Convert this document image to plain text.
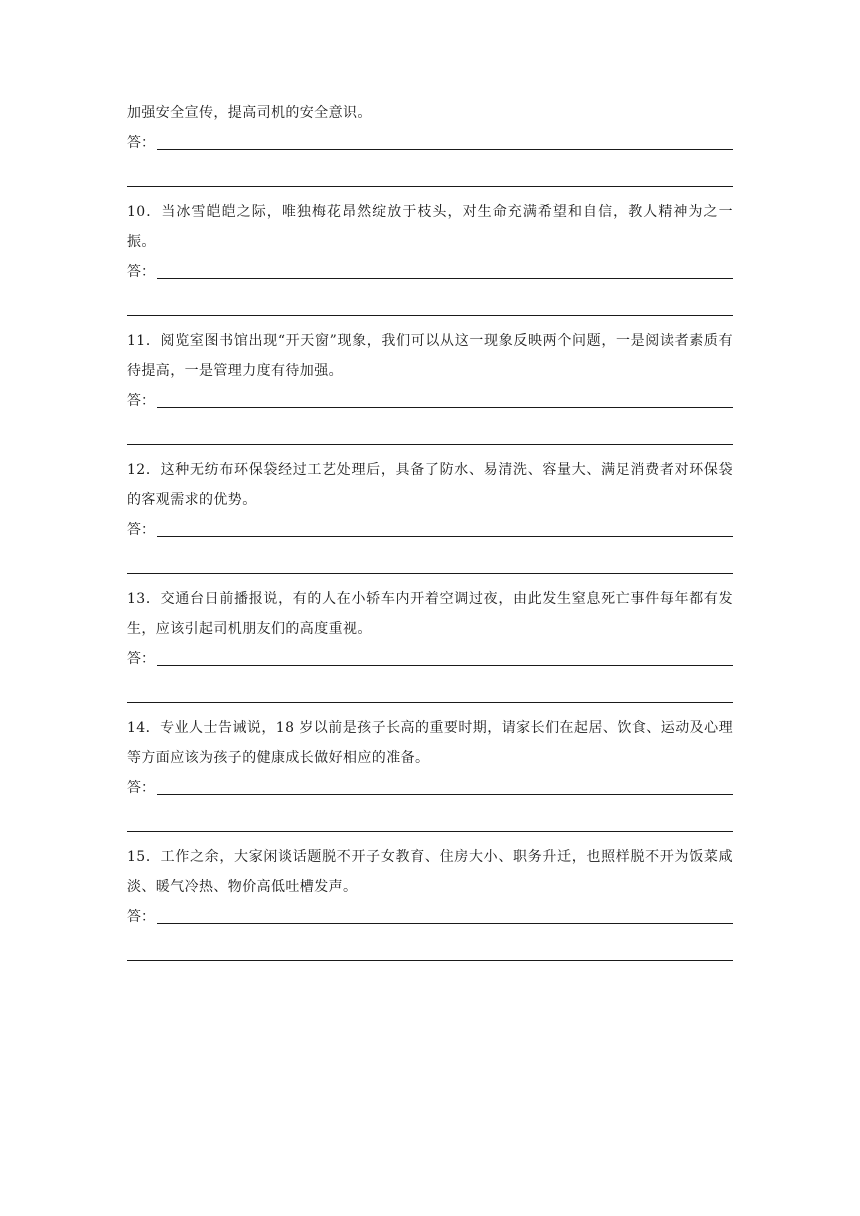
加强安全宣传，提高司机的安全意识。
答：
10．当冰雪皑皑之际，唯独梅花昂然绽放于枝头，对生命充满希望和自信，教人精神为之一振。
答：
11．阅览室图书馆出现“开天窗”现象，我们可以从这一现象反映两个问题，一是阅读者素质有待提高，一是管理力度有待加强。
答：
12．这种无纺布环保袋经过工艺处理后，具备了防水、易清洗、容量大、满足消费者对环保袋的客观需求的优势。
答：
13．交通台日前播报说，有的人在小轿车内开着空调过夜，由此发生窒息死亡事件每年都有发生，应该引起司机朋友们的高度重视。
答：
14．专业人士告诫说，18 岁以前是孩子长高的重要时期，请家长们在起居、饮食、运动及心理等方面应该为孩子的健康成长做好相应的准备。
答：
15．工作之余，大家闲谈话题脱不开子女教育、住房大小、职务升迁，也照样脱不开为饭菜咸淡、暖气冷热、物价高低吐槽发声。
答：
